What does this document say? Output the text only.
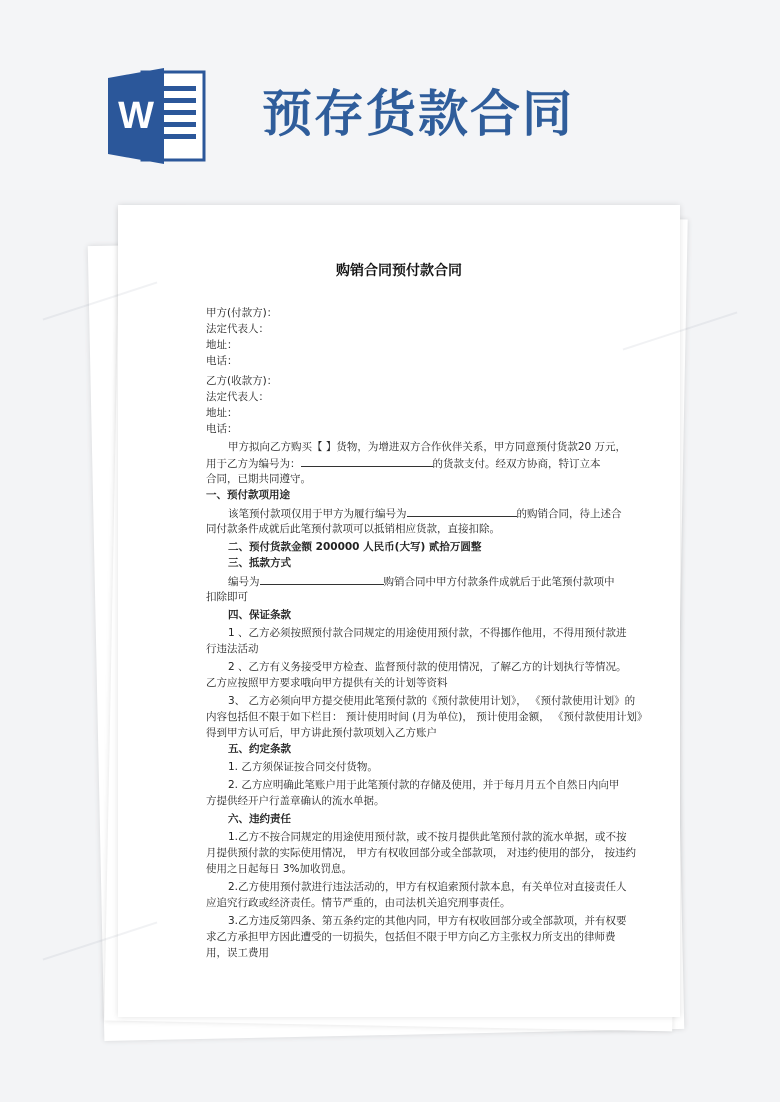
W 预存货款合同
购销合同预付款合同
甲方(付款方)：
法定代表人：
地址：
电话：
乙方(收款方)：
法定代表人：
地址：
电话：
甲方拟向乙方购买【 】货物，为增进双方合作伙伴关系，甲方同意预付货款20 万元，
用于乙方为编号为：	的货款支付。经双方协商，特订立本
合同，已期共同遵守。
一、预付款项用途
该笔预付款项仅用于甲方为履行编号为	的购销合同，待上述合
同付款条件成就后此笔预付款项可以抵销相应货款，直接扣除。
二、预付货款金额 200000 人民币(大写) 贰拾万圆整
三、抵款方式
编号为	购销合同中甲方付款条件成就后于此笔预付款项中
扣除即可
四、保证条款
1 、乙方必须按照预付款合同规定的用途使用预付款，不得挪作他用，不得用预付款进
行违法活动
2 、乙方有义务接受甲方检查、监督预付款的使用情况，了解乙方的计划执行等情况。
乙方应按照甲方要求哦向甲方提供有关的计划等资料
3、 乙方必须向甲方提交使用此笔预付款的《预付款使用计划》， 《预付款使用计划》的
内容包括但不限于如下栏目： 预计使用时间 (月为单位)， 预计使用金额， 《预付款使用计划》
得到甲方认可后，甲方讲此预付款项划入乙方账户
五、约定条款
1. 乙方须保证按合同交付货物。
2. 乙方应明确此笔账户用于此笔预付款的存储及使用，并于每月月五个自然日内向甲
方提供经开户行盖章确认的流水单据。
六、违约责任
1.乙方不按合同规定的用途使用预付款，或不按月提供此笔预付款的流水单据，或不按
月提供预付款的实际使用情况， 甲方有权收回部分或全部款项， 对违约使用的部分， 按违约
使用之日起每日 3%加收罚息。
2.乙方使用预付款进行违法活动的，甲方有权追索预付款本息，有关单位对直接责任人
应追究行政或经济责任。情节严重的，由司法机关追究刑事责任。
3.乙方违反第四条、第五条约定的其他内同，甲方有权收回部分或全部款项，并有权要
求乙方承担甲方因此遭受的一切损失，包括但不限于甲方向乙方主张权力所支出的律师费
用，误工费用
